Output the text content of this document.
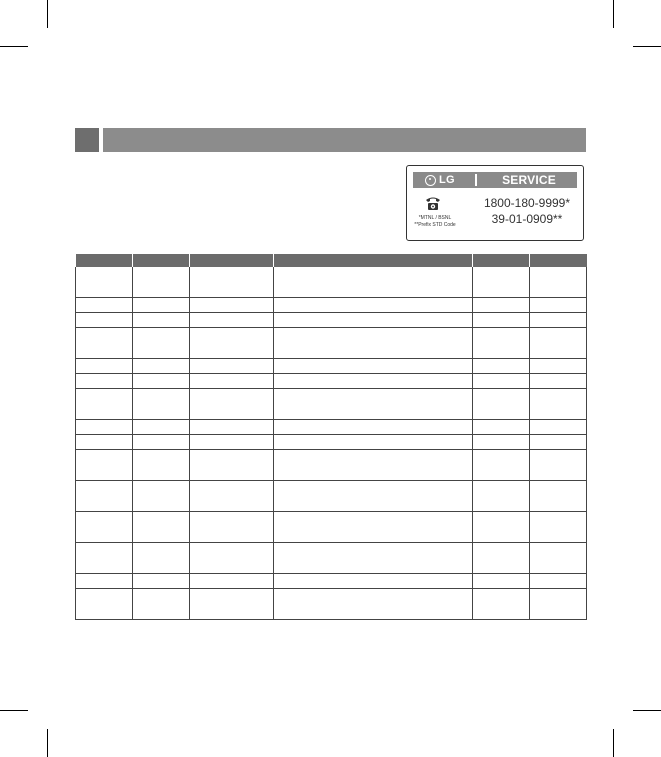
LG	SERVICE
*MTNL / BSNL
**Prefix STD Code
1800-180-9999*
39-01-0909**
